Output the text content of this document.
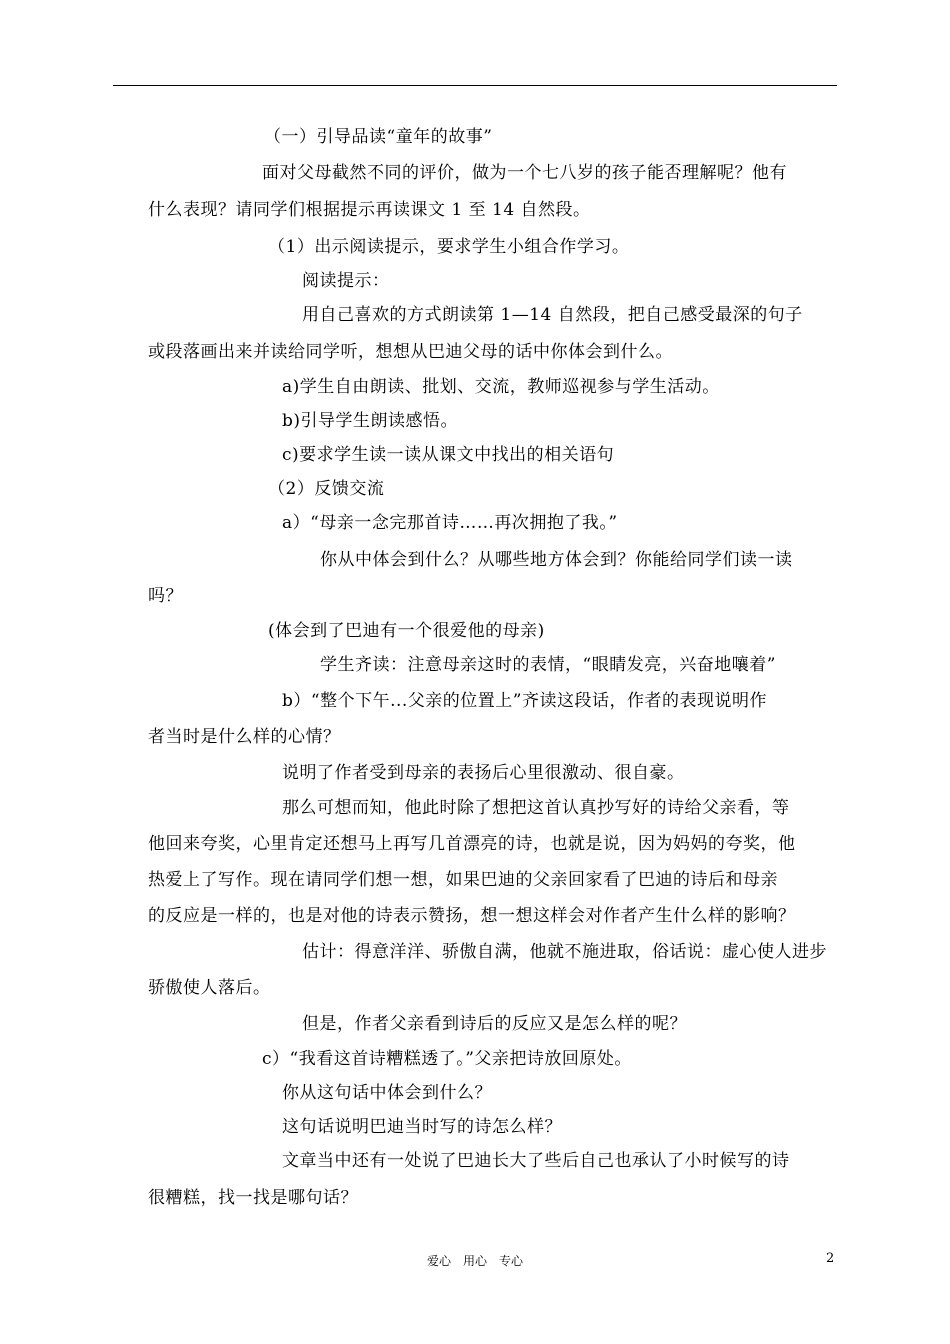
（一）引导品读“童年的故事”
面对父母截然不同的评价，做为一个七八岁的孩子能否理解呢？他有
什么表现？请同学们根据提示再读课文 1 至 14 自然段。
（1）出示阅读提示，要求学生小组合作学习。
阅读提示：
用自己喜欢的方式朗读第 1—14 自然段，把自己感受最深的句子
或段落画出来并读给同学听，想想从巴迪父母的话中你体会到什么。
a)学生自由朗读、批划、交流，教师巡视参与学生活动。
b)引导学生朗读感悟。
c)要求学生读一读从课文中找出的相关语句
（2）反馈交流
a）“母亲一念完那首诗……再次拥抱了我。”
你从中体会到什么？从哪些地方体会到？你能给同学们读一读
吗？
(体会到了巴迪有一个很爱他的母亲)
学生齐读：注意母亲这时的表情，“眼睛发亮，兴奋地嚷着”
b）“整个下午...父亲的位置上”齐读这段话，作者的表现说明作
者当时是什么样的心情？
说明了作者受到母亲的表扬后心里很激动、很自豪。
那么可想而知，他此时除了想把这首认真抄写好的诗给父亲看，等
他回来夸奖，心里肯定还想马上再写几首漂亮的诗，也就是说，因为妈妈的夸奖，他
热爱上了写作。现在请同学们想一想，如果巴迪的父亲回家看了巴迪的诗后和母亲
的反应是一样的，也是对他的诗表示赞扬，想一想这样会对作者产生什么样的影响？
估计：得意洋洋、骄傲自满，他就不施进取，俗话说：虚心使人进步
骄傲使人落后。
但是，作者父亲看到诗后的反应又是怎么样的呢？
c）“我看这首诗糟糕透了。”父亲把诗放回原处。
你从这句话中体会到什么？
这句话说明巴迪当时写的诗怎么样？
文章当中还有一处说了巴迪长大了些后自己也承认了小时候写的诗
很糟糕，找一找是哪句话？
爱心　用心　专心	2
